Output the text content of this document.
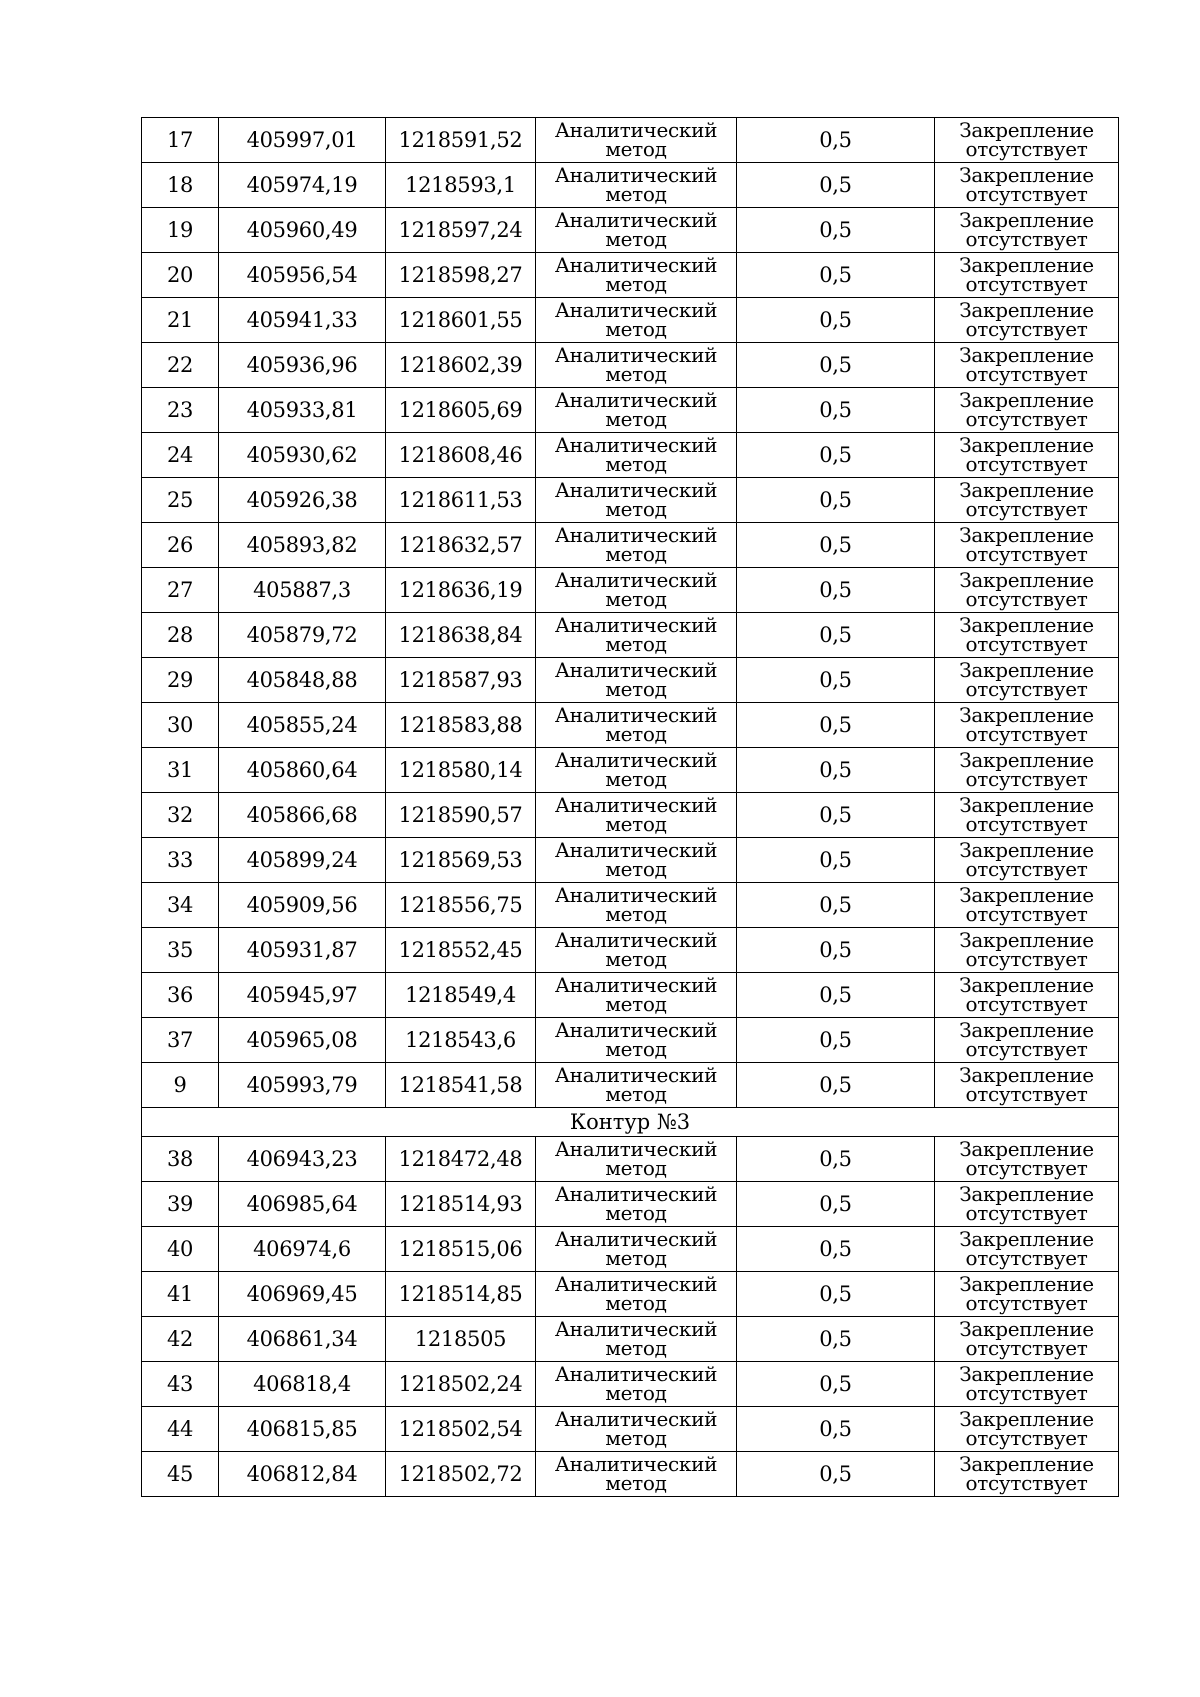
17	405997,01	1218591,52	Аналитический
метод	0,5	Закрепление
отсутствует

18	405974,19	1218593,1	Аналитический
метод	0,5	Закрепление
отсутствует

19	405960,49	1218597,24	Аналитический
метод	0,5	Закрепление
отсутствует

20	405956,54	1218598,27	Аналитический
метод	0,5	Закрепление
отсутствует

21	405941,33	1218601,55	Аналитический
метод	0,5	Закрепление
отсутствует

22	405936,96	1218602,39	Аналитический
метод	0,5	Закрепление
отсутствует

23	405933,81	1218605,69	Аналитический
метод	0,5	Закрепление
отсутствует

24	405930,62	1218608,46	Аналитический
метод	0,5	Закрепление
отсутствует

25	405926,38	1218611,53	Аналитический
метод	0,5	Закрепление
отсутствует

26	405893,82	1218632,57	Аналитический
метод	0,5	Закрепление
отсутствует

27	405887,3	1218636,19	Аналитический
метод	0,5	Закрепление
отсутствует

28	405879,72	1218638,84	Аналитический
метод	0,5	Закрепление
отсутствует

29	405848,88	1218587,93	Аналитический
метод	0,5	Закрепление
отсутствует

30	405855,24	1218583,88	Аналитический
метод	0,5	Закрепление
отсутствует

31	405860,64	1218580,14	Аналитический
метод	0,5	Закрепление
отсутствует

32	405866,68	1218590,57	Аналитический
метод	0,5	Закрепление
отсутствует

33	405899,24	1218569,53	Аналитический
метод	0,5	Закрепление
отсутствует

34	405909,56	1218556,75	Аналитический
метод	0,5	Закрепление
отсутствует

35	405931,87	1218552,45	Аналитический
метод	0,5	Закрепление
отсутствует

36	405945,97	1218549,4	Аналитический
метод	0,5	Закрепление
отсутствует

37	405965,08	1218543,6	Аналитический
метод	0,5	Закрепление
отсутствует

9	405993,79	1218541,58	Аналитический
метод	0,5	Закрепление
отсутствует

Контур №3					
38	406943,23	1218472,48	Аналитический
метод	0,5	Закрепление
отсутствует

39	406985,64	1218514,93	Аналитический
метод	0,5	Закрепление
отсутствует

40	406974,6	1218515,06	Аналитический
метод	0,5	Закрепление
отсутствует

41	406969,45	1218514,85	Аналитический
метод	0,5	Закрепление
отсутствует

42	406861,34	1218505	Аналитический
метод	0,5	Закрепление
отсутствует

43	406818,4	1218502,24	Аналитический
метод	0,5	Закрепление
отсутствует

44	406815,85	1218502,54	Аналитический
метод	0,5	Закрепление
отсутствует

45	406812,84	1218502,72	Аналитический
метод	0,5	Закрепление
отсутствует
